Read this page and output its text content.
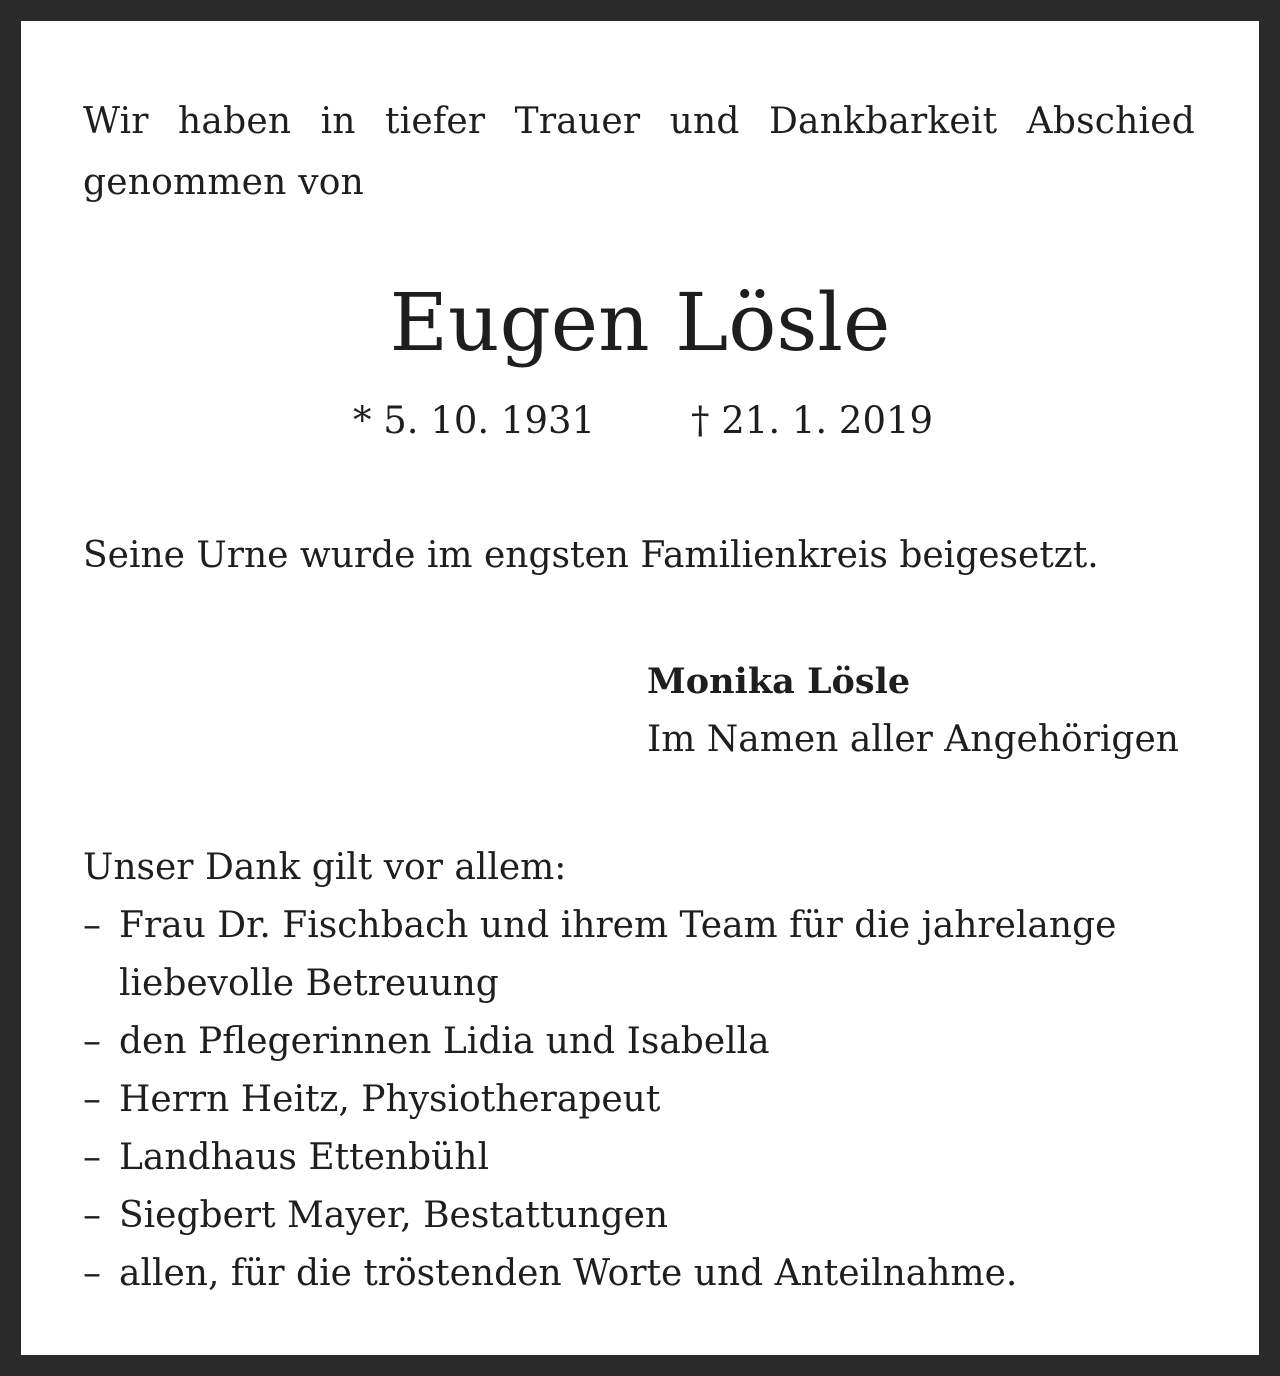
Wir haben in tiefer Trauer und Dankbarkeit Abschied genommen von

Eugen Lösle
* 5. 10. 1931	† 21. 1. 2019

Seine Urne wurde im engsten Familienkreis beigesetzt.

Monika Lösle
Im Namen aller Angehörigen

Unser Dank gilt vor allem:

– Frau Dr. Fischbach und ihrem Team für die jahrelange liebevolle Betreuung
– den Pflegerinnen Lidia und Isabella
– Herrn Heitz, Physiotherapeut
– Landhaus Ettenbühl
– Siegbert Mayer, Bestattungen
– allen, für die tröstenden Worte und Anteilnahme.
